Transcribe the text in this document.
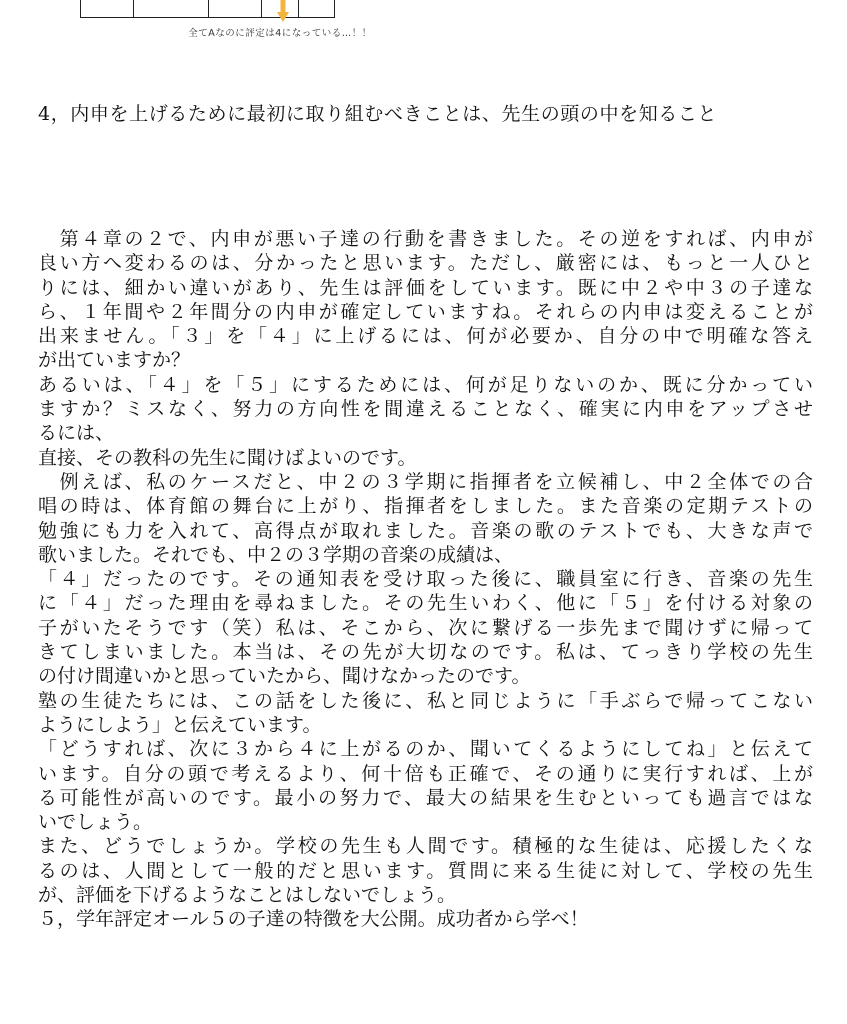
全てAなのに評定は4になっている…！！
4，内申を上げるために最初に取り組むべきことは、先生の頭の中を知ること
　第４章の２で、内申が悪い子達の行動を書きました。その逆をすれば、内申が
良い方へ変わるのは、分かったと思います。ただし、厳密には、もっと一人ひと
りには、細かい違いがあり、先生は評価をしています。既に中２や中３の子達な
ら、１年間や２年間分の内申が確定していますね。それらの内申は変えることが
出来ません。「３」を「４」に上げるには、何が必要か、自分の中で明確な答え
が出ていますか？
あるいは、「４」を「５」にするためには、何が足りないのか、既に分かってい
ますか？ミスなく、努力の方向性を間違えることなく、確実に内申をアップさせ
るには、
直接、その教科の先生に聞けばよいのです。
　例えば、私のケースだと、中２の３学期に指揮者を立候補し、中２全体での合
唱の時は、体育館の舞台に上がり、指揮者をしました。また音楽の定期テストの
勉強にも力を入れて、高得点が取れました。音楽の歌のテストでも、大きな声で
歌いました。それでも、中２の３学期の音楽の成績は、
「４」だったのです。その通知表を受け取った後に、職員室に行き、音楽の先生
に「４」だった理由を尋ねました。その先生いわく、他に「５」を付ける対象の
子がいたそうです（笑）私は、そこから、次に繋げる一歩先まで聞けずに帰って
きてしまいました。本当は、その先が大切なのです。私は、てっきり学校の先生
の付け間違いかと思っていたから、聞けなかったのです。
塾の生徒たちには、この話をした後に、私と同じように「手ぶらで帰ってこない
ようにしよう」と伝えています。
「どうすれば、次に３から４に上がるのか、聞いてくるようにしてね」と伝えて
います。自分の頭で考えるより、何十倍も正確で、その通りに実行すれば、上が
る可能性が高いのです。最小の努力で、最大の結果を生むといっても過言ではな
いでしょう。
また、どうでしょうか。学校の先生も人間です。積極的な生徒は、応援したくな
るのは、人間として一般的だと思います。質問に来る生徒に対して、学校の先生
が、評価を下げるようなことはしないでしょう。
５，学年評定オール５の子達の特徴を大公開。成功者から学べ！
